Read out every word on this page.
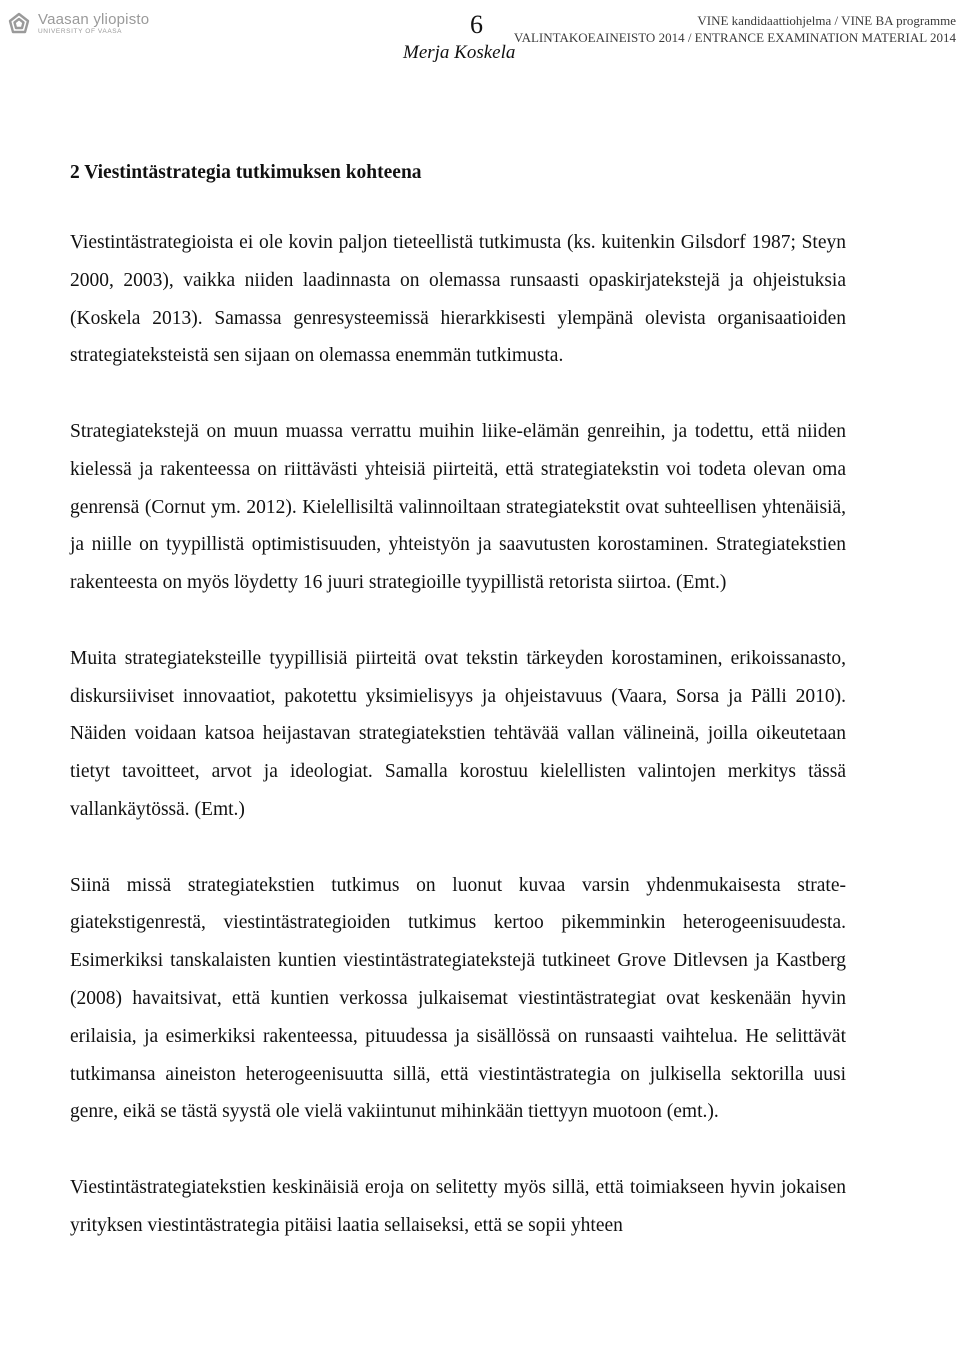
Vaasan yliopisto
UNIVERSITY OF VAASA	6
Merja Koskela
VINE kandidaattiohjelma / VINE BA programme
VALINTAKOEAINEISTO 2014 / ENTRANCE EXAMINATION MATERIAL 2014
2 Viestintästrategia tutkimuksen kohteena

Viestintästrategioista ei ole kovin paljon tieteellistä tutkimusta (ks. kuitenkin Gilsdorf 1987; Steyn 2000, 2003), vaikka niiden laadinnasta on olemassa runsaasti opaskirjatekstejä ja ohjeistuksia (Koskela 2013). Samassa genresysteemissä hierarkkisesti ylempänä olevista organisaatioiden strategiateksteistä sen sijaan on olemassa enemmän tutkimusta.

Strategiatekstejä on muun muassa verrattu muihin liike-elämän genreihin, ja todettu, että niiden kielessä ja rakenteessa on riittävästi yhteisiä piirteitä, että strategiatekstin voi todeta olevan oma genrensä (Cornut ym. 2012). Kielellisiltä valinnoiltaan strategiatekstit ovat suhteellisen yhtenäisiä, ja niille on tyypillistä optimistisuuden, yhteistyön ja saavutusten korostaminen. Strategiatekstien rakenteesta on myös löydetty 16 juuri strategioille tyypillistä retorista siirtoa. (Emt.)

Muita strategiateksteille tyypillisiä piirteitä ovat tekstin tärkeyden korostaminen, erikoissanasto, diskursiiviset innovaatiot, pakotettu yksimielisyys ja ohjeistavuus (Vaara, Sorsa ja Pälli 2010). Näiden voidaan katsoa heijastavan strategiatekstien tehtävää vallan välineinä, joilla oikeutetaan tietyt tavoitteet, arvot ja ideologiat. Samalla korostuu kielellisten valintojen merkitys tässä vallankäytössä. (Emt.)

Siinä missä strategiatekstien tutkimus on luonut kuvaa varsin yhdenmukaisesta strategiatekstigenrestä, viestintästrategioiden tutkimus kertoo pikemminkin heterogeenisuudesta. Esimerkiksi tanskalaisten kuntien viestintästrategiatekstejä tutkineet Grove Ditlevsen ja Kastberg (2008) havaitsivat, että kuntien verkossa julkaisemat viestintästrategiat ovat keskenään hyvin erilaisia, ja esimerkiksi rakenteessa, pituudessa ja sisällössä on runsaasti vaihtelua. He selittävät tutkimansa aineiston heterogeenisuutta sillä, että viestintästrategia on julkisella sektorilla uusi genre, eikä se tästä syystä ole vielä vakiintunut mihinkään tiettyyn muotoon (emt.).

Viestintästrategiatekstien keskinäisiä eroja on selitetty myös sillä, että toimiakseen hyvin jokaisen yrityksen viestintästrategia pitäisi laatia sellaiseksi, että se sopii yhteen
